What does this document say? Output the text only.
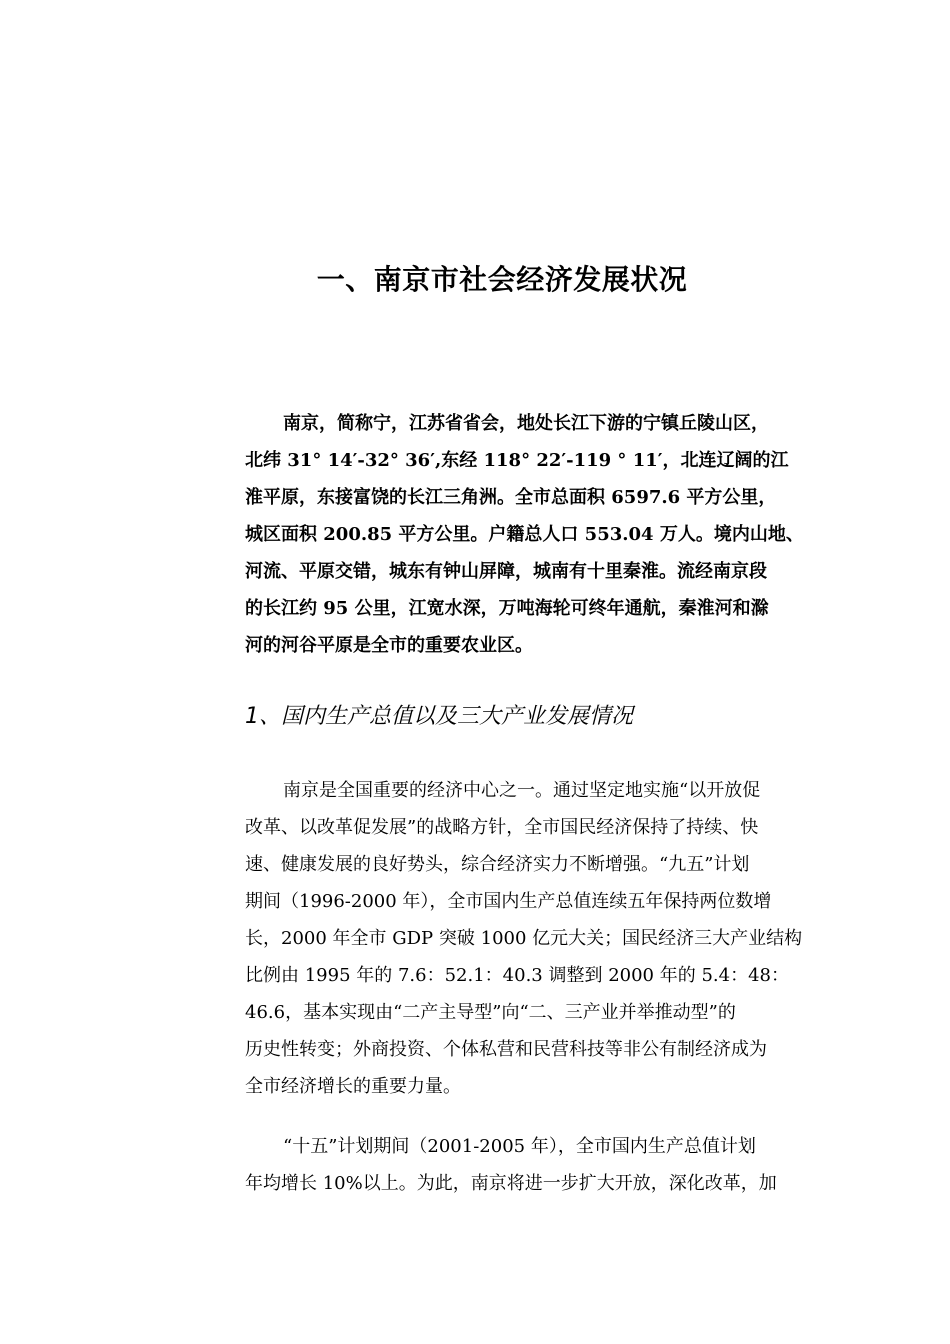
一、南京市社会经济发展状况

南京，简称宁，江苏省省会，地处长江下游的宁镇丘陵山区，
北纬 31° 14′-32° 36′,东经 118° 22′-119 ° 11′，北连辽阔的江
淮平原，东接富饶的长江三角洲。全市总面积 6597.6 平方公里，
城区面积 200.85 平方公里。户籍总人口 553.04 万人。境内山地、
河流、平原交错，城东有钟山屏障，城南有十里秦淮。流经南京段
的长江约 95 公里，江宽水深，万吨海轮可终年通航，秦淮河和滁
河的河谷平原是全市的重要农业区。

1、国内生产总值以及三大产业发展情况

南京是全国重要的经济中心之一。通过坚定地实施“以开放促
改革、以改革促发展”的战略方针，全市国民经济保持了持续、快
速、健康发展的良好势头，综合经济实力不断增强。“九五”计划
期间（1996-2000 年），全市国内生产总值连续五年保持两位数增
长，2000 年全市 GDP 突破 1000 亿元大关；国民经济三大产业结构
比例由 1995 年的 7.6：52.1：40.3 调整到 2000 年的 5.4：48：
46.6，基本实现由“二产主导型”向“二、三产业并举推动型”的
历史性转变；外商投资、个体私营和民营科技等非公有制经济成为
全市经济增长的重要力量。

“十五”计划期间（2001-2005 年），全市国内生产总值计划
年均增长 10%以上。为此，南京将进一步扩大开放，深化改革，加
